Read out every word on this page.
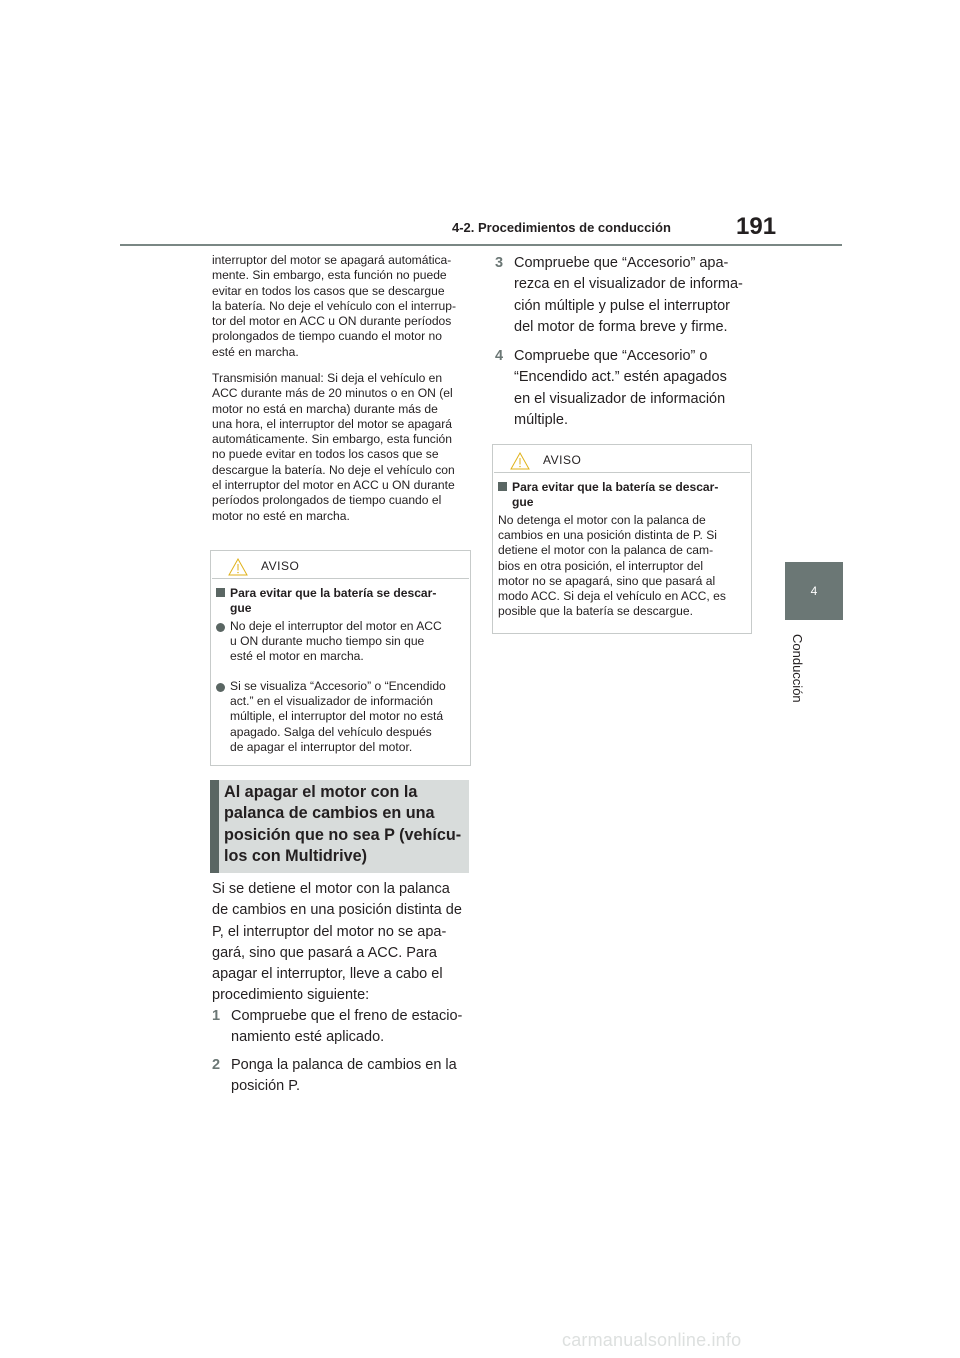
4-2. Procedimientos de conducción	191
4
Conducción

interruptor del motor se apagará automática-
mente. Sin embargo, esta función no puede
evitar en todos los casos que se descargue
la batería. No deje el vehículo con el interrup-
tor del motor en ACC u ON durante períodos
prolongados de tiempo cuando el motor no
esté en marcha.

Transmisión manual: Si deja el vehículo en
ACC durante más de 20 minutos o en ON (el
motor no está en marcha) durante más de
una hora, el interruptor del motor se apagará
automáticamente. Sin embargo, esta función
no puede evitar en todos los casos que se
descargue la batería. No deje el vehículo con
el interruptor del motor en ACC u ON durante
períodos prolongados de tiempo cuando el
motor no esté en marcha.

AVISO
Para evitar que la batería se descar-
gue
No deje el interruptor del motor en ACC
u ON durante mucho tiempo sin que
esté el motor en marcha.
Si se visualiza “Accesorio” o “Encendido
act.” en el visualizador de información
múltiple, el interruptor del motor no está
apagado. Salga del vehículo después
de apagar el interruptor del motor.
Al apagar el motor con la
palanca de cambios en una
posición que no sea P (vehícu-
los con Multidrive)
Si se detiene el motor con la palanca
de cambios en una posición distinta de
P, el interruptor del motor no se apa-
gará, sino que pasará a ACC. Para
apagar el interruptor, lleve a cabo el
procedimiento siguiente:
1 Compruebe que el freno de estacio-
namiento esté aplicado.
2 Ponga la palanca de cambios en la
posición P.
3 Compruebe que “Accesorio” apa-
rezca en el visualizador de informa-
ción múltiple y pulse el interruptor
del motor de forma breve y firme.
4 Compruebe que “Accesorio” o
“Encendido act.” estén apagados
en el visualizador de información
múltiple.
AVISO
Para evitar que la batería se descar-
gue
No detenga el motor con la palanca de
cambios en una posición distinta de P. Si
detiene el motor con la palanca de cam-
bios en otra posición, el interruptor del
motor no se apagará, sino que pasará al
modo ACC. Si deja el vehículo en ACC, es
posible que la batería se descargue.
carmanualsonline.info
